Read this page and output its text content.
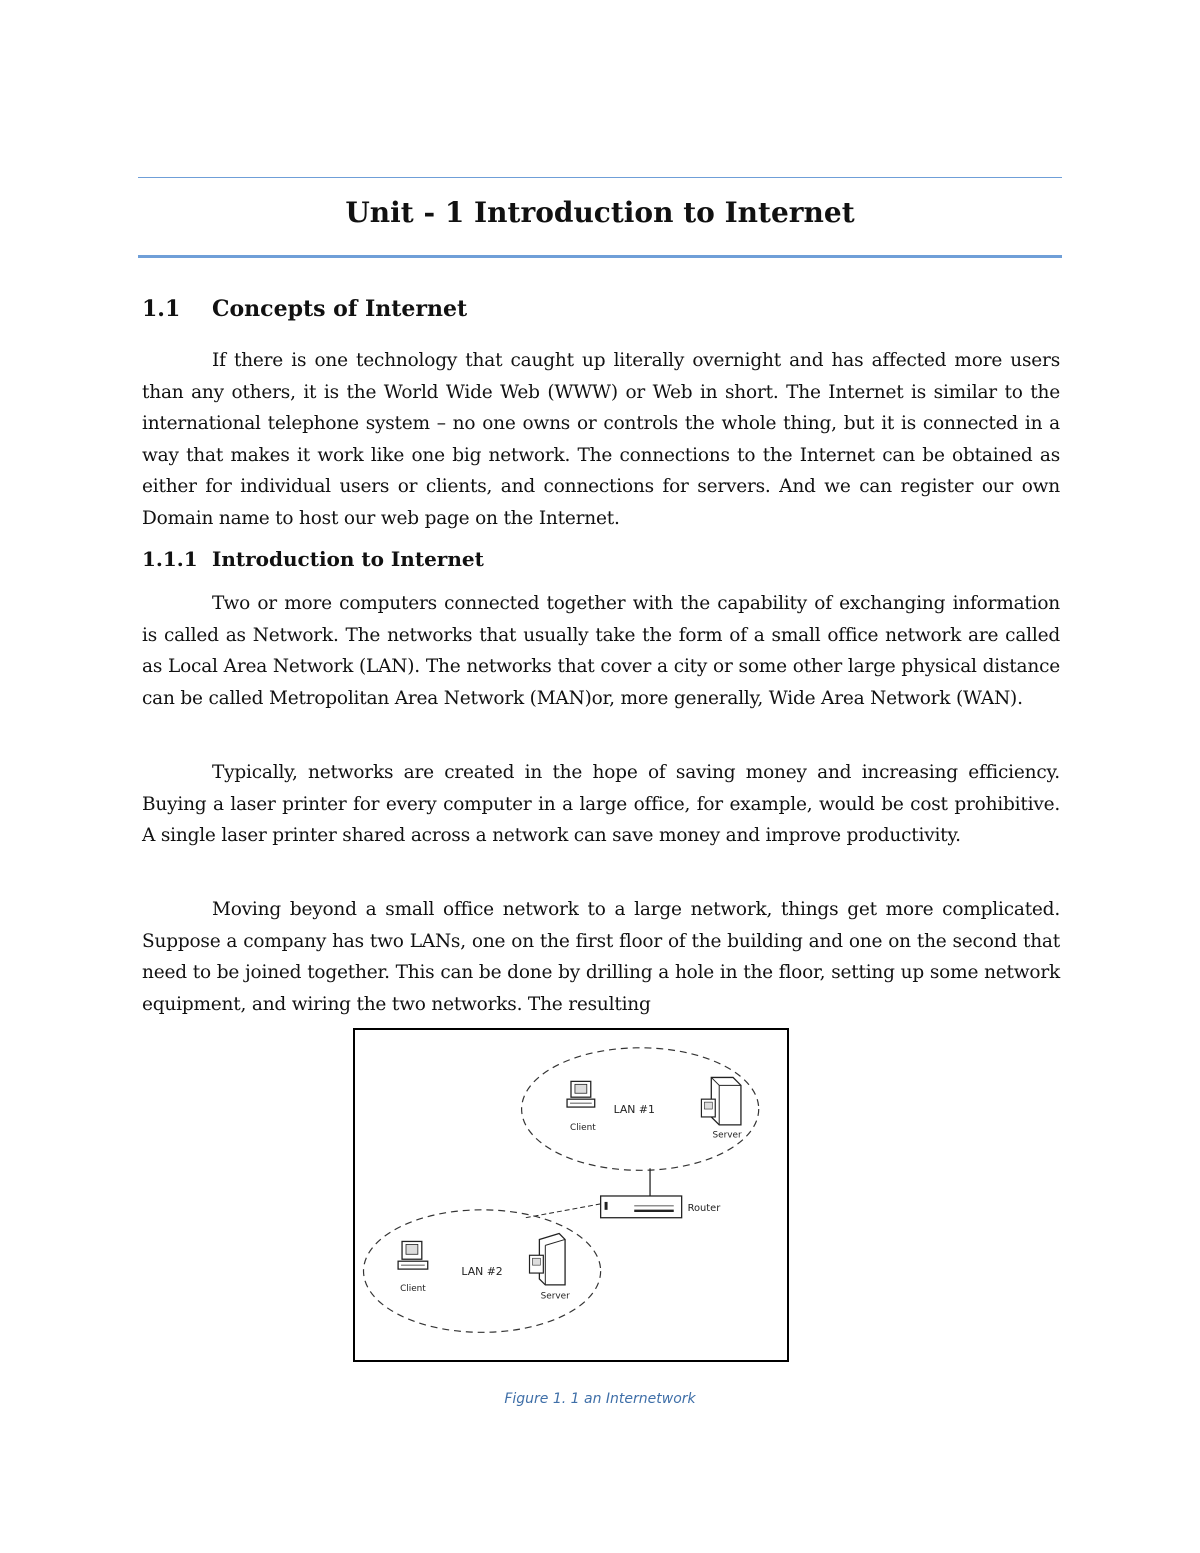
Unit - 1 Introduction to Internet
1.1 Concepts of Internet

If there is one technology that caught up literally overnight and has affected more users than any others, it is the World Wide Web (WWW) or Web in short. The Internet is similar to the international telephone system – no one owns or controls the whole thing, but it is connected in a way that makes it work like one big network. The connections to the Internet can be obtained as either for individual users or clients, and connections for servers. And we can register our own Domain name to host our web page on the Internet.

1.1.1 Introduction to Internet

Two or more computers connected together with the capability of exchanging information is called as Network. The networks that usually take the form of a small office network are called as Local Area Network (LAN). The networks that cover a city or some other large physical distance can be called Metropolitan Area Network (MAN)or, more generally, Wide Area Network (WAN).

Typically, networks are created in the hope of saving money and increasing efficiency. Buying a laser printer for every computer in a large office, for example, would be cost prohibitive. A single laser printer shared across a network can save money and improve productivity.

Moving beyond a small office network to a large network, things get more complicated. Suppose a company has two LANs, one on the first floor of the building and one on the second that need to be joined together. This can be done by drilling a hole in the floor, setting up some network equipment, and wiring the two networks. The resulting

LAN #1
Client
Server
Router
LAN #2
Client
Server

Figure 1. 1 an Internetwork
